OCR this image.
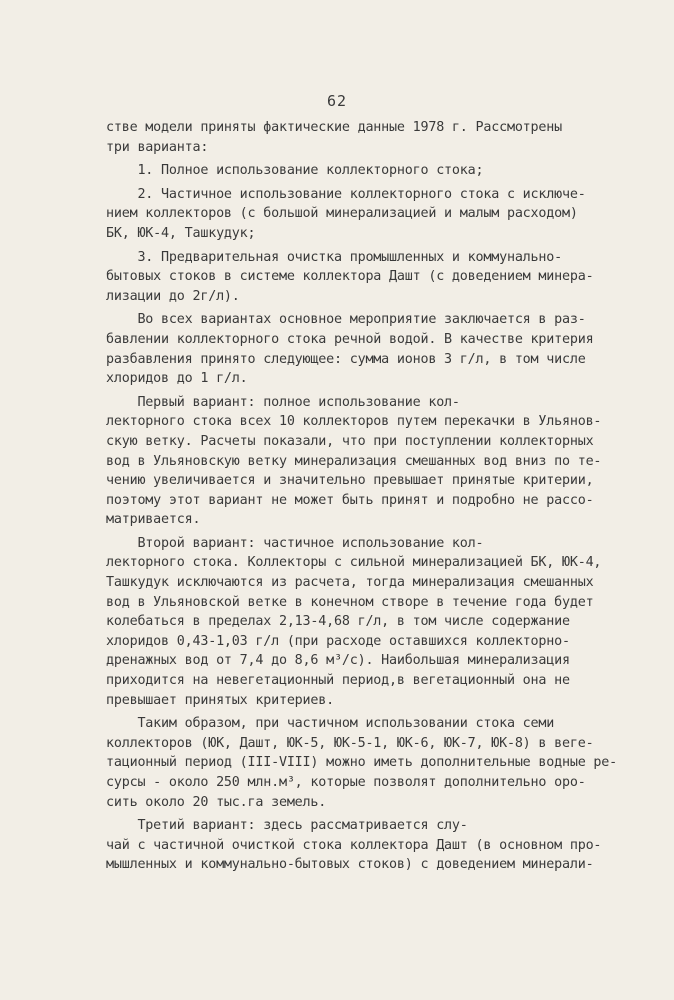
62
стве модели приняты фактические данные 1978 г. Рассмотрены
три варианта:
1. Полное использование коллекторного стока;
2. Частичное использование коллекторного стока с исключе-
нием коллекторов (с большой минерализацией и малым расходом)
БК, ЮК-4, Ташкудук;
3. Предварительная очистка промышленных и коммунально-
бытовых стоков в системе коллектора Дашт (с доведением минера-
лизации до 2г/л).
Во всех вариантах основное мероприятие заключается в раз-
бавлении коллекторного стока речной водой. В качестве критерия
разбавления принято следующее: сумма ионов 3 г/л, в том числе
хлоридов до 1 г/л.
Первый вариант: полное использование кол-
лекторного стока всех 10 коллекторов путем перекачки в Ульянов-
скую ветку. Расчеты показали, что при поступлении коллекторных
вод в Ульяновскую ветку минерализация смешанных вод вниз по те-
чению увеличивается и значительно превышает принятые критерии,
поэтому этот вариант не может быть принят и подробно не рассо-
матривается.
Второй вариант: частичное использование кол-
лекторного стока. Коллекторы с сильной минерализацией БК, ЮК-4,
Ташкудук исключаются из расчета, тогда минерализация смешанных
вод в Ульяновской ветке в конечном створе в течение года будет
колебаться в пределах 2,13-4,68 г/л, в том числе содержание
хлоридов 0,43-1,03 г/л (при расходе оставшихся коллекторно-
дренажных вод от 7,4 до 8,6 м³/с). Наибольшая минерализация
приходится на невегетационный период,в вегетационный она не
превышает принятых критериев.
Таким образом, при частичном использовании стока семи
коллекторов (ЮК, Дашт, ЮК-5, ЮК-5-1, ЮК-6, ЮК-7, ЮК-8) в веге-
тационный период (III-VIII) можно иметь дополнительные водные ре-
сурсы - около 250 млн.м³, которые позволят дополнительно оро-
сить около 20 тыс.га земель.
Третий вариант: здесь рассматривается слу-
чай с частичной очисткой стока коллектора Дашт (в основном про-
мышленных и коммунально-бытовых стоков) с доведением минерали-
